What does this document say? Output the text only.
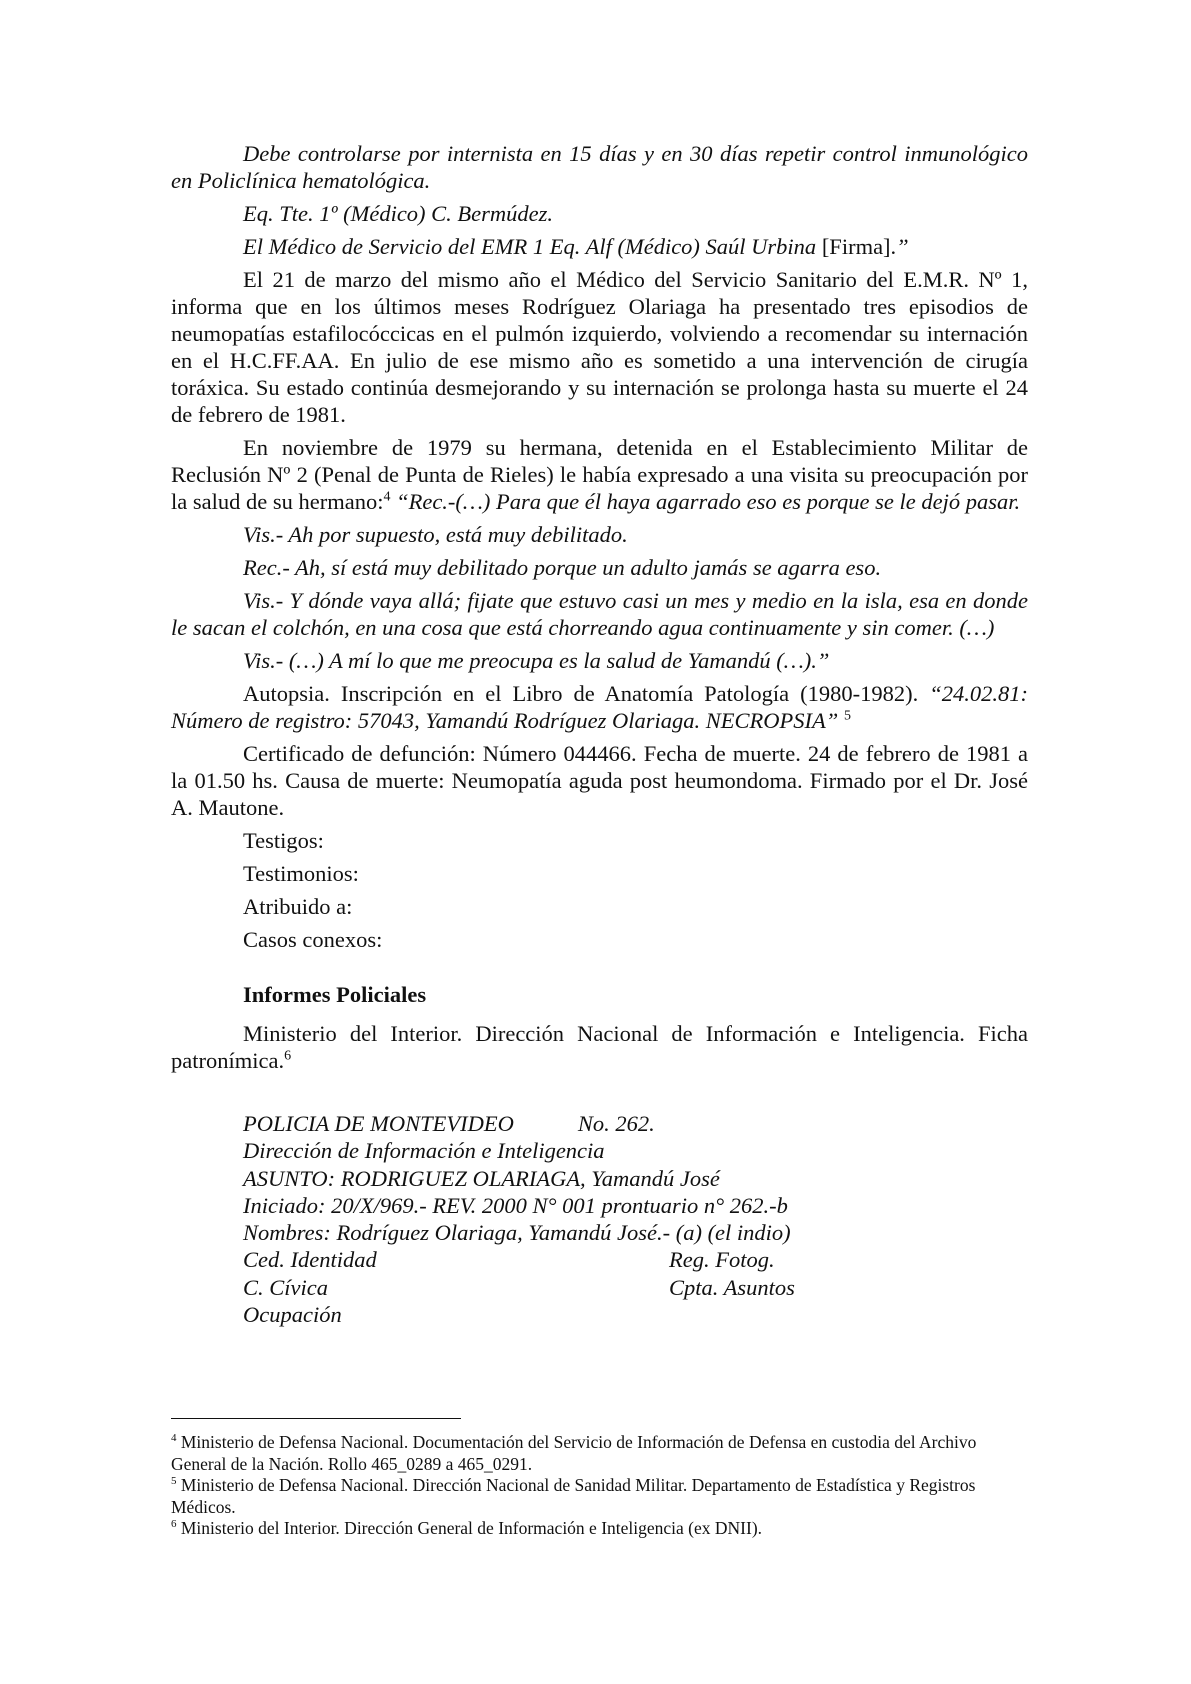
Debe controlarse por internista en 15 días y en 30 días repetir control inmunológico en Policlínica hematológica.

Eq. Tte. 1º (Médico) C. Bermúdez.

El Médico de Servicio del EMR 1 Eq. Alf (Médico) Saúl Urbina [Firma].”

El 21 de marzo del mismo año el Médico del Servicio Sanitario del E.M.R. Nº 1, informa que en los últimos meses Rodríguez Olariaga ha presentado tres episodios de neumopatías estafilocóccicas en el pulmón izquierdo, volviendo a recomendar su internación en el H.C.FF.AA. En julio de ese mismo año es sometido a una intervención de cirugía toráxica. Su estado continúa desmejorando y su internación se prolonga hasta su muerte el 24 de febrero de 1981.

En noviembre de 1979 su hermana, detenida en el Establecimiento Militar de Reclusión Nº 2 (Penal de Punta de Rieles) le había expresado a una visita su preocupación por la salud de su hermano:$^4$ “Rec.-(…) Para que él haya agarrado eso es porque se le dejó pasar.

Vis.- Ah por supuesto, está muy debilitado.

Rec.- Ah, sí está muy debilitado porque un adulto jamás se agarra eso.

Vis.- Y dónde vaya allá; fijate que estuvo casi un mes y medio en la isla, esa en donde le sacan el colchón, en una cosa que está chorreando agua continuamente y sin comer. (…)

Vis.- (…) A mí lo que me preocupa es la salud de Yamandú (…).”

Autopsia. Inscripción en el Libro de Anatomía Patología (1980-1982). “24.02.81: Número de registro: 57043, Yamandú Rodríguez Olariaga. NECROPSIA” $^5$

Certificado de defunción: Número 044466. Fecha de muerte. 24 de febrero de 1981 a la 01.50 hs. Causa de muerte: Neumopatía aguda post heumondoma. Firmado por el Dr. José A. Mautone.

Testigos:
Testimonios:
Atribuido a:
Casos conexos:
Informes Policiales

Ministerio del Interior. Dirección Nacional de Información e Inteligencia. Ficha patronímica.$^6$

POLICIA DE MONTEVIDEO	No. 262.
Dirección de Información e Inteligencia
ASUNTO: RODRIGUEZ OLARIAGA, Yamandú José
Iniciado: 20/X/969.- REV. 2000 N° 001 prontuario n° 262.-b
Nombres: Rodríguez Olariaga, Yamandú José.- (a) (el indio)
Ced. Identidad	Reg. Fotog.
C. Cívica	Cpta. Asuntos
Ocupación
$^4$ Ministerio de Defensa Nacional. Documentación del Servicio de Información de Defensa en custodia del Archivo General de la Nación. Rollo 465_0289 a 465_0291.
$^5$ Ministerio de Defensa Nacional. Dirección Nacional de Sanidad Militar. Departamento de Estadística y Registros Médicos.
$^6$ Ministerio del Interior. Dirección General de Información e Inteligencia (ex DNII).
